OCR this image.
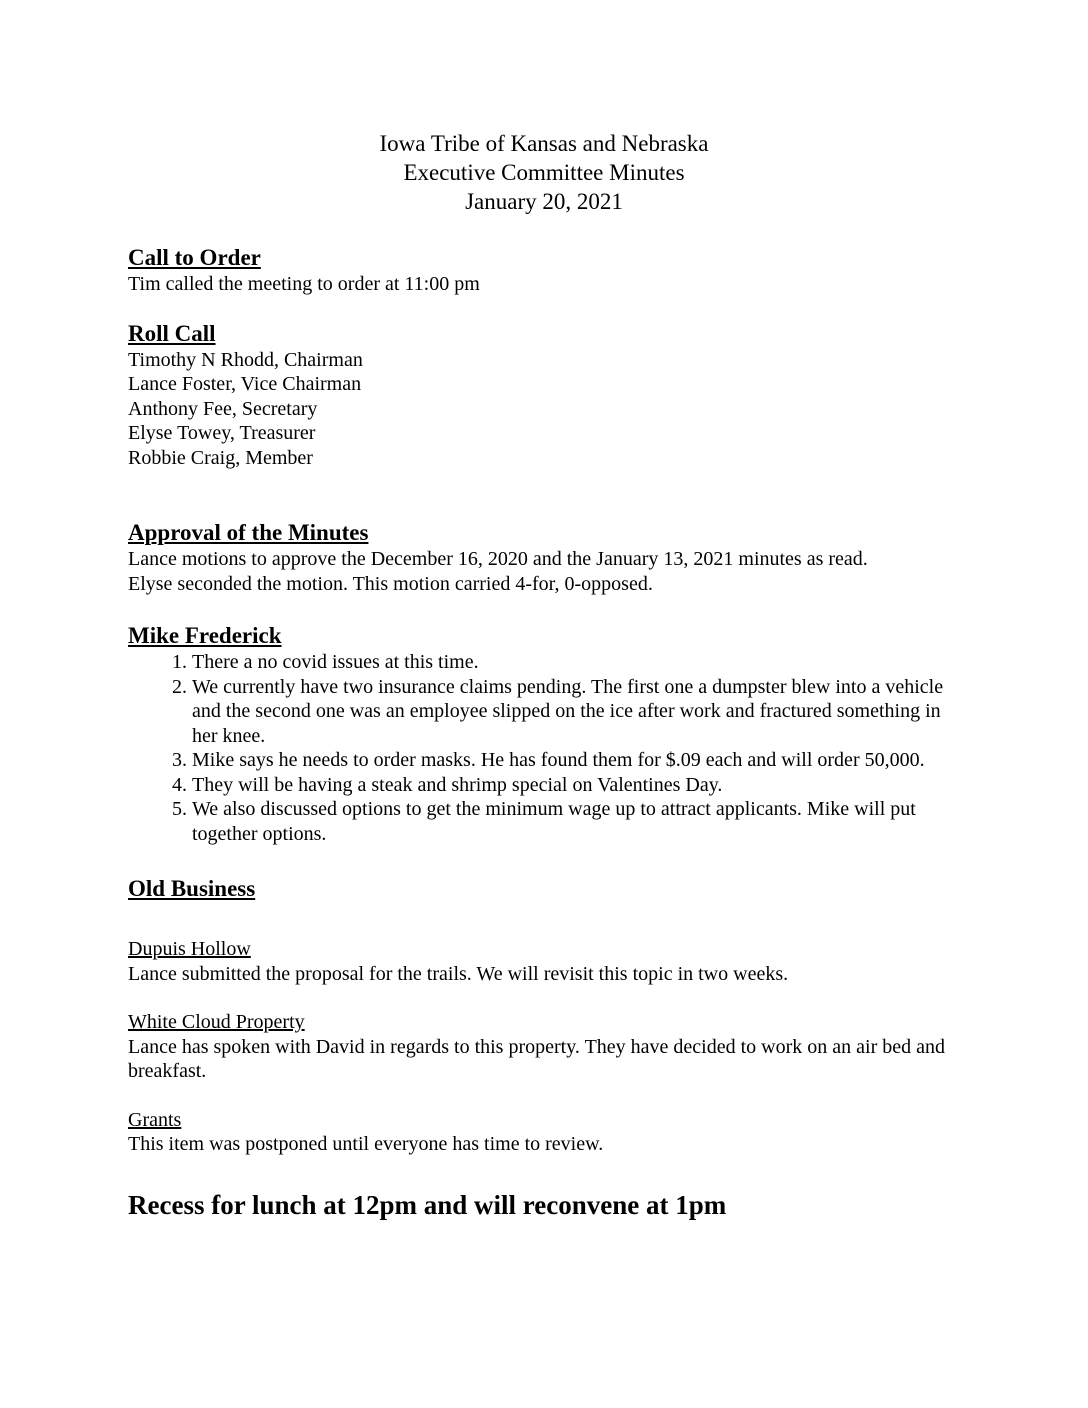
Iowa Tribe of Kansas and Nebraska
Executive Committee Minutes
January 20, 2021
Call to Order

Tim called the meeting to order at 11:00 pm

Roll Call
Timothy N Rhodd, Chairman
Lance Foster, Vice Chairman
Anthony Fee, Secretary
Elyse Towey, Treasurer
Robbie Craig, Member
Approval of the Minutes
Lance motions to approve the December 16, 2020 and the January 13, 2021 minutes as read.
Elyse seconded the motion. This motion carried 4-for, 0-opposed.
Mike Frederick
1. There a no covid issues at this time.
2. We currently have two insurance claims pending. The first one a dumpster blew into a vehicle and the second one was an employee slipped on the ice after work and fractured something in her knee.
3. Mike says he needs to order masks. He has found them for $.09 each and will order 50,000.
4. They will be having a steak and shrimp special on Valentines Day.
5. We also discussed options to get the minimum wage up to attract applicants. Mike will put together options.
Old Business
Dupuis Hollow
Lance submitted the proposal for the trails. We will revisit this topic in two weeks.
White Cloud Property
Lance has spoken with David in regards to this property. They have decided to work on an air bed and breakfast.
Grants
This item was postponed until everyone has time to review.
Recess for lunch at 12pm and will reconvene at 1pm
